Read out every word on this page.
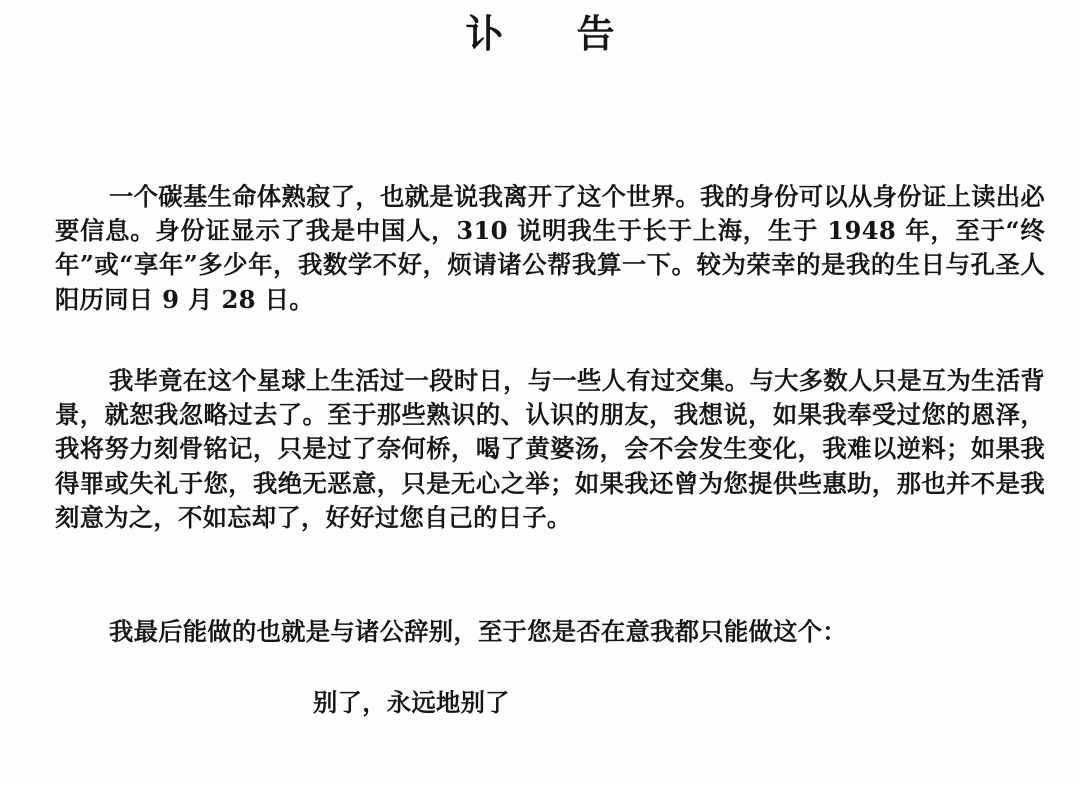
讣 告

一个碳基生命体熟寂了，也就是说我离开了这个世界。我的身份可以从身份证上读出必要信息。身份证显示了我是中国人，310 说明我生于长于上海，生于 1948 年，至于“终年”或“享年”多少年，我数学不好，烦请诸公帮我算一下。较为荣幸的是我的生日与孔圣人阳历同日 9 月 28 日。

我毕竟在这个星球上生活过一段时日，与一些人有过交集。与大多数人只是互为生活背景，就恕我忽略过去了。至于那些熟识的、认识的朋友，我想说，如果我奉受过您的恩泽，我将努力刻骨铭记，只是过了奈何桥，喝了黄婆汤，会不会发生变化，我难以逆料；如果我得罪或失礼于您，我绝无恶意，只是无心之举；如果我还曾为您提供些惠助，那也并不是我刻意为之，不如忘却了，好好过您自己的日子。

我最后能做的也就是与诸公辞别，至于您是否在意我都只能做这个：

别了，永远地别了
